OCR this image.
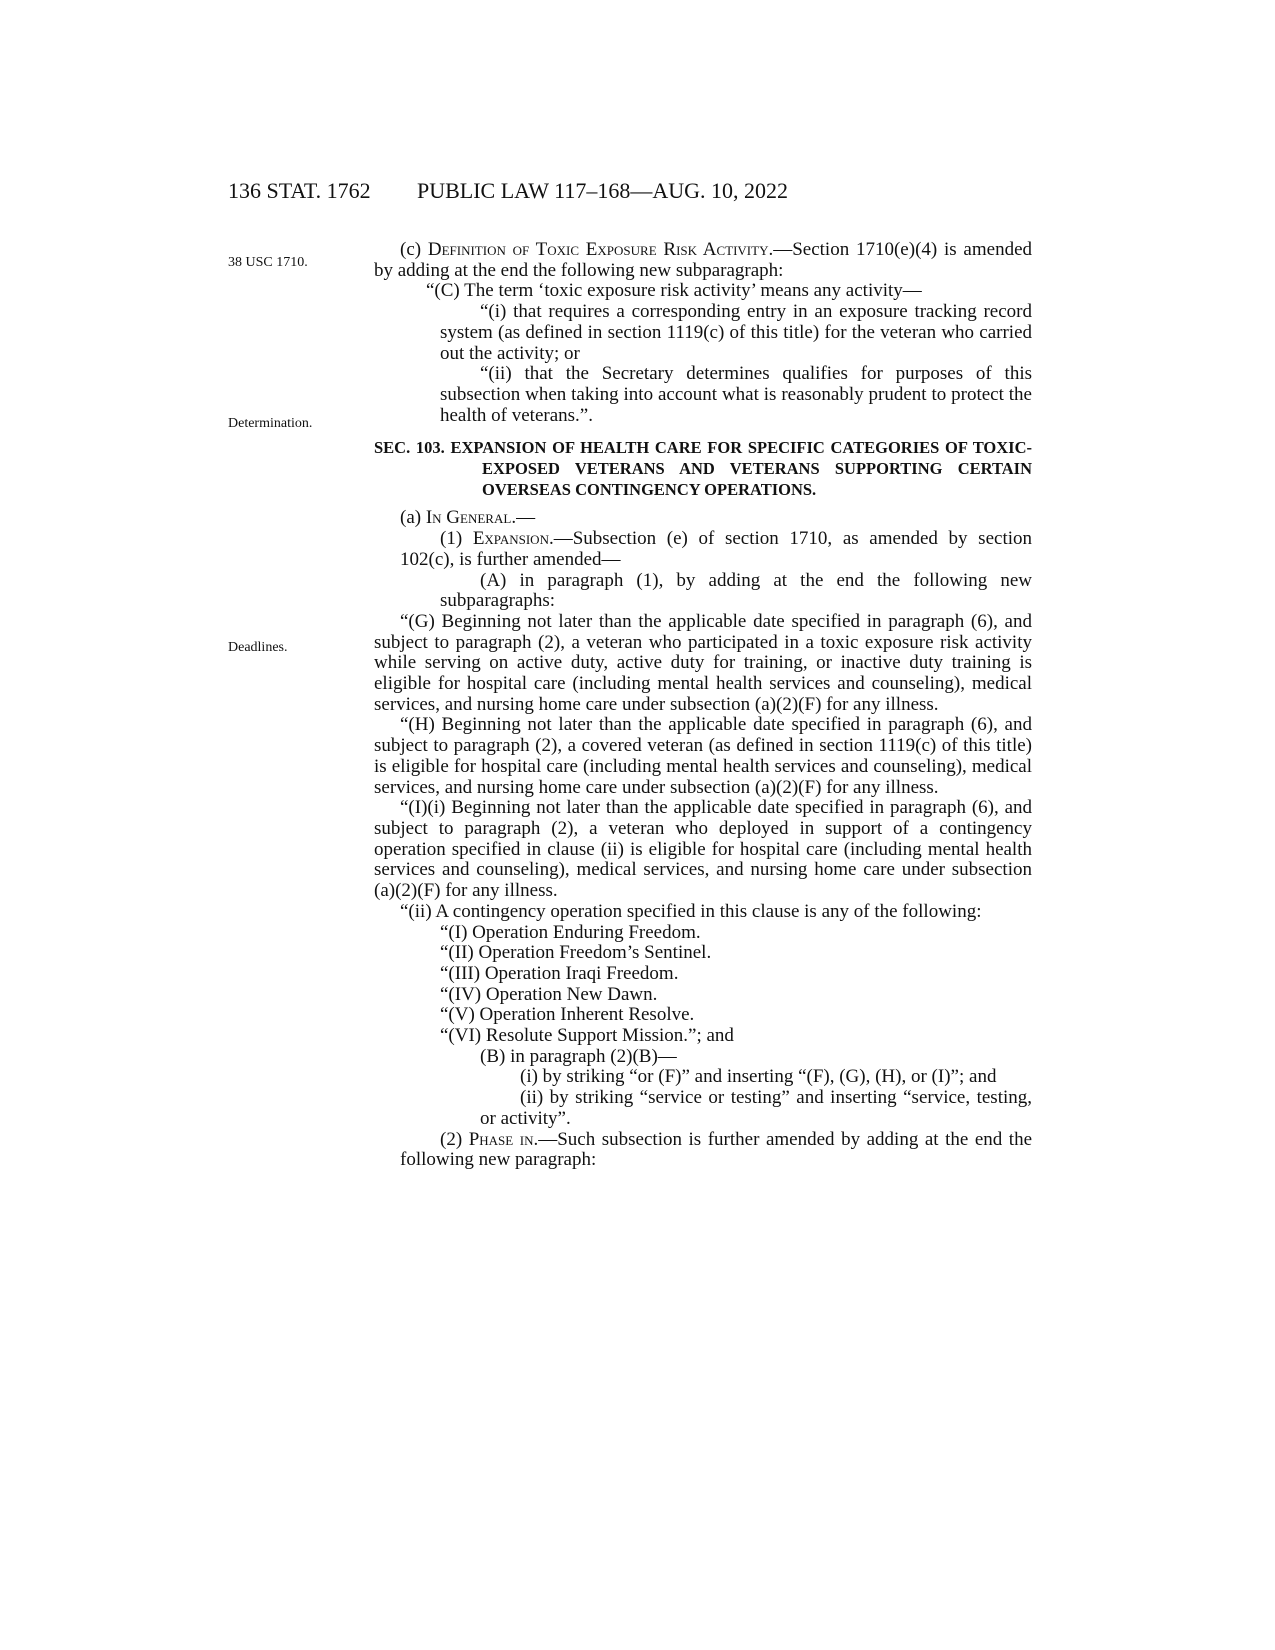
136 STAT. 1762 PUBLIC LAW 117–168—AUG. 10, 2022
38 USC 1710.
Determination.
Deadlines.

(c) Definition of Toxic Exposure Risk Activity.—Section 1710(e)(4) is amended by adding at the end the following new subparagraph:

“(C) The term ‘toxic exposure risk activity’ means any activity—

“(i) that requires a corresponding entry in an exposure tracking record system (as defined in section 1119(c) of this title) for the veteran who carried out the activity; or

“(ii) that the Secretary determines qualifies for purposes of this subsection when taking into account what is reasonably prudent to protect the health of veterans.”.

SEC. 103. EXPANSION OF HEALTH CARE FOR SPECIFIC CATEGORIES OF TOXIC-EXPOSED VETERANS AND VETERANS SUPPORTING CERTAIN OVERSEAS CONTINGENCY OPERATIONS.

(a) In General.—

(1) Expansion.—Subsection (e) of section 1710, as amended by section 102(c), is further amended—

(A) in paragraph (1), by adding at the end the following new subparagraphs:

“(G) Beginning not later than the applicable date specified in paragraph (6), and subject to paragraph (2), a veteran who participated in a toxic exposure risk activity while serving on active duty, active duty for training, or inactive duty training is eligible for hospital care (including mental health services and counseling), medical services, and nursing home care under subsection (a)(2)(F) for any illness.

“(H) Beginning not later than the applicable date specified in paragraph (6), and subject to paragraph (2), a covered veteran (as defined in section 1119(c) of this title) is eligible for hospital care (including mental health services and counseling), medical services, and nursing home care under subsection (a)(2)(F) for any illness.

“(I)(i) Beginning not later than the applicable date specified in paragraph (6), and subject to paragraph (2), a veteran who deployed in support of a contingency operation specified in clause (ii) is eligible for hospital care (including mental health services and counseling), medical services, and nursing home care under subsection (a)(2)(F) for any illness.

“(ii) A contingency operation specified in this clause is any of the following:

“(I) Operation Enduring Freedom.

“(II) Operation Freedom’s Sentinel.

“(III) Operation Iraqi Freedom.

“(IV) Operation New Dawn.

“(V) Operation Inherent Resolve.

“(VI) Resolute Support Mission.”; and

(B) in paragraph (2)(B)—

(i) by striking “or (F)” and inserting “(F), (G), (H), or (I)”; and

(ii) by striking “service or testing” and inserting “service, testing, or activity”.

(2) Phase in.—Such subsection is further amended by adding at the end the following new paragraph:
